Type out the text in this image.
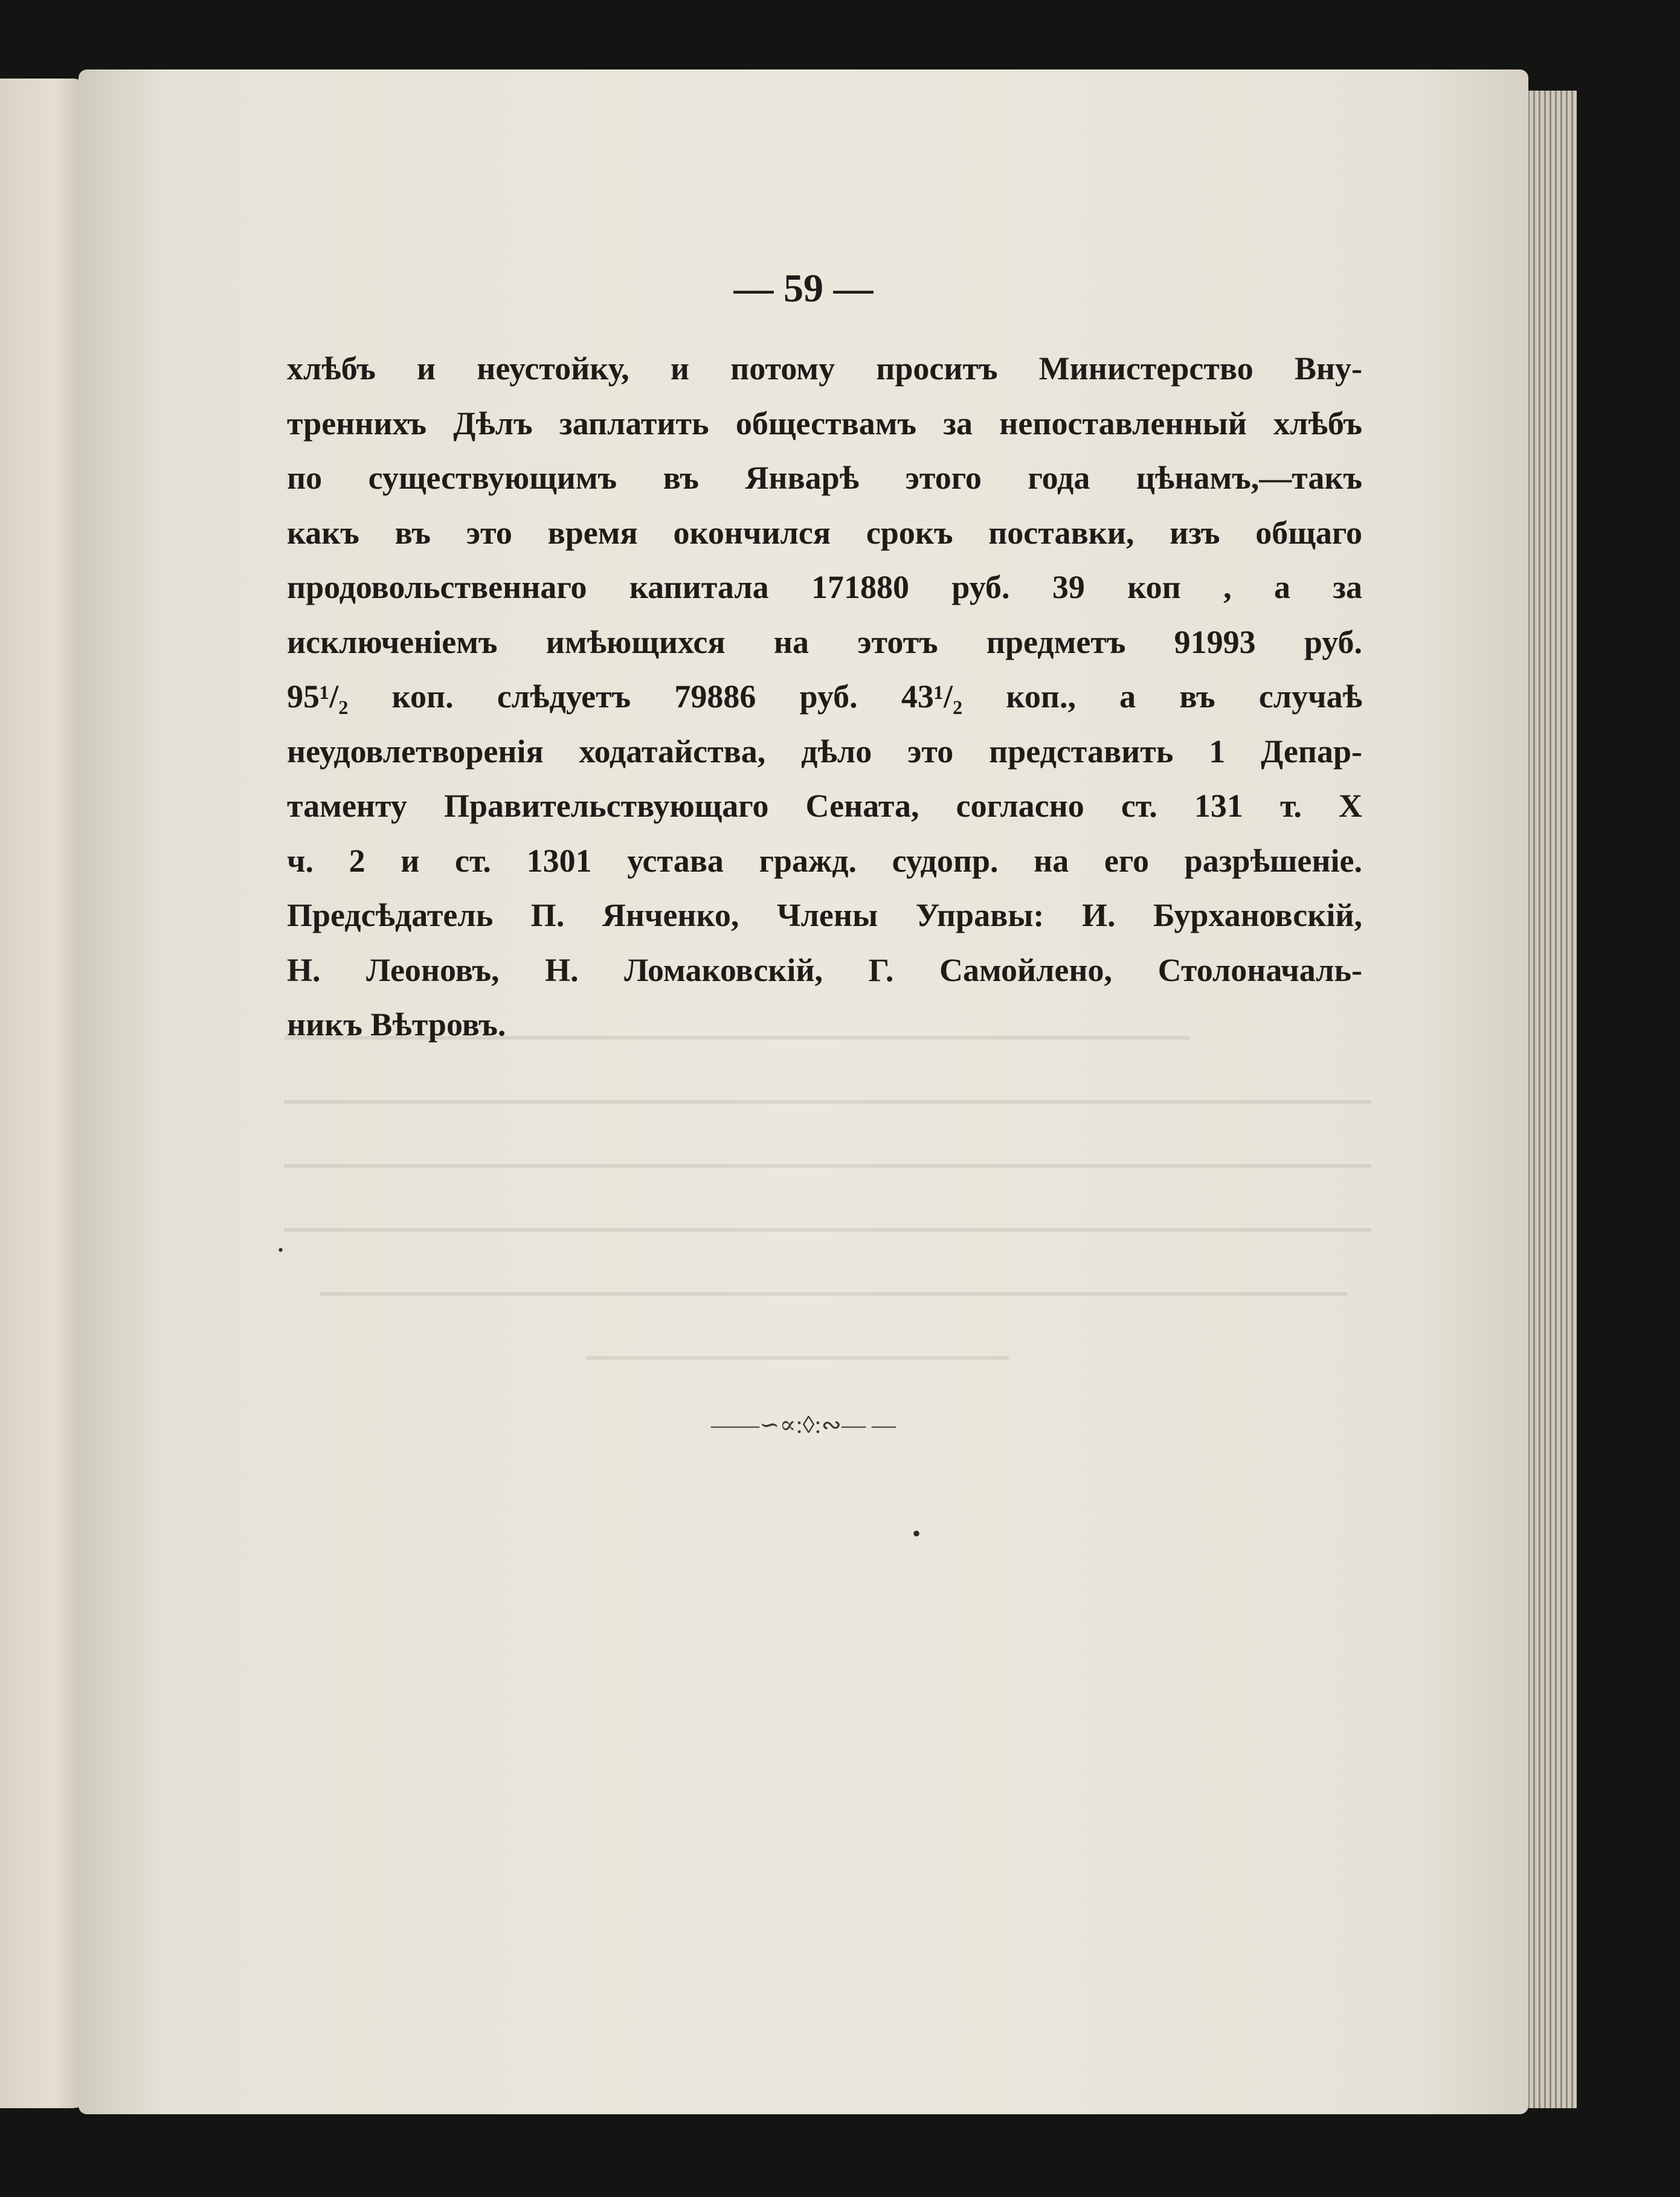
— 59 —
хлѣбъ и неустойку, и потому проситъ Министерство Вну-
треннихъ Дѣлъ заплатить обществамъ за непоставленный хлѣбъ
по существующимъ въ Январѣ этого года цѣнамъ,—такъ
какъ въ это время окончился срокъ поставки, изъ общаго
продовольственнаго капитала 171880 руб. 39 коп , а за
исключеніемъ имѣющихся на этотъ предметъ 91993 руб.
95¹/₂ коп. слѣдуетъ 79886 руб. 43¹/₂ коп., а въ случаѣ
неудовлетворенія ходатайства, дѣло это представить 1 Депар-
таменту Правительствующаго Сената, согласно ст. 131 т. X
ч. 2 и ст. 1301 устава гражд. судопр. на его разрѣшеніе.
Предсѣдатель П. Янченко, Члены Управы: И. Бурхановскій,
Н. Леоновъ, Н. Ломаковскій, Г. Самойлено, Столоначаль-
никъ Вѣтровъ.
——∽∝:◊:∾— —
•
•
